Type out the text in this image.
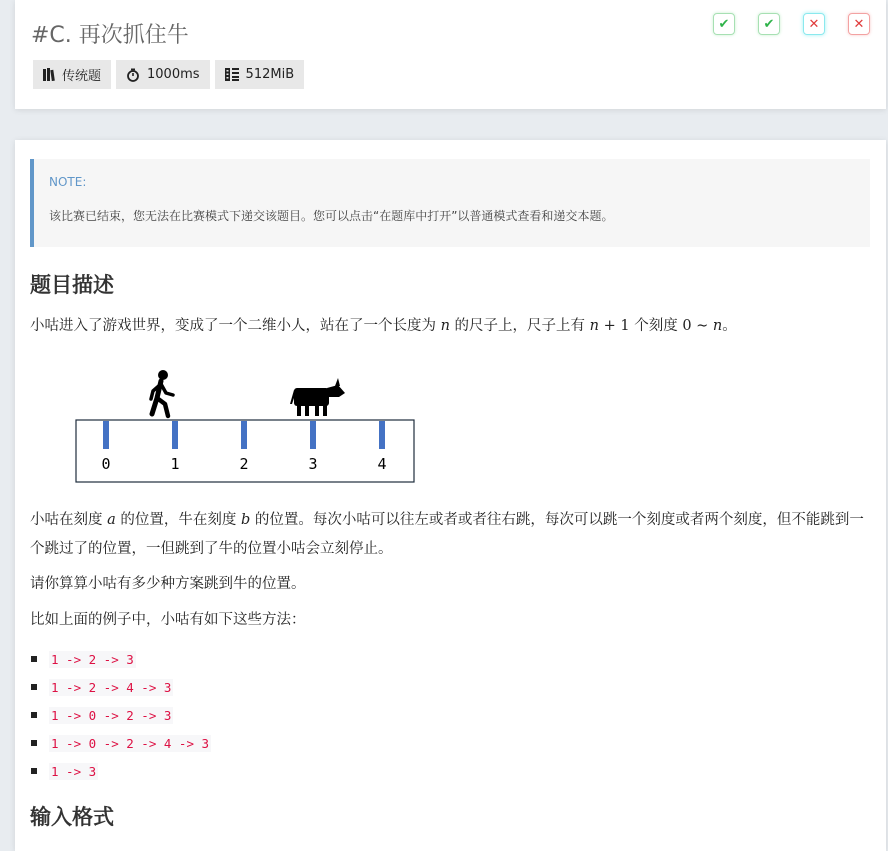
#C. 再次抓住牛
传统题	1000ms	512MiB
✔	✔	✕	✕
NOTE:
该比赛已结束，您无法在比赛模式下递交该题目。您可以点击“在题库中打开”以普通模式查看和递交本题。
题目描述
小咕进入了游戏世界，变成了一个二维小人，站在了一个长度为 n 的尺子上，尺子上有 n + 1 个刻度 0 ∼ n。
0	1	2	3	4
小咕在刻度 a 的位置，牛在刻度 b 的位置。每次小咕可以往左或者或者往右跳，每次可以跳一个刻度或者两个刻度，但不能跳到一个跳过了的位置，一但跳到了牛的位置小咕会立刻停止。
请你算算小咕有多少种方案跳到牛的位置。
比如上面的例子中，小咕有如下这些方法：
1 -> 2 -> 3
1 -> 2 -> 4 -> 3
1 -> 0 -> 2 -> 3
1 -> 0 -> 2 -> 4 -> 3
1 -> 3
输入格式
